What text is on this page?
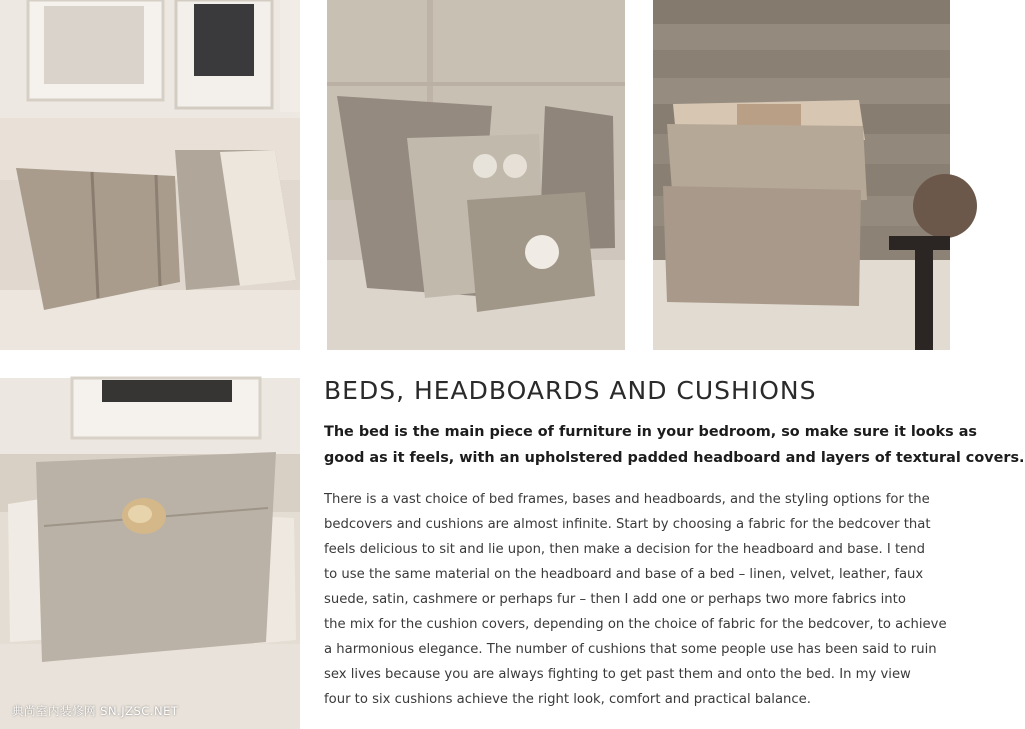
BEDS, HEADBOARDS AND CUSHIONS
The bed is the main piece of furniture in your bedroom, so make sure it looks as
good as it feels, with an upholstered padded headboard and layers of textural covers.

There is a vast choice of bed frames, bases and headboards, and the styling options for the

bedcovers and cushions are almost infinite. Start by choosing a fabric for the bedcover that

feels delicious to sit and lie upon, then make a decision for the headboard and base. I tend

to use the same material on the headboard and base of a bed – linen, velvet, leather, faux

suede, satin, cashmere or perhaps fur – then I add one or perhaps two more fabrics into

the mix for the cushion covers, depending on the choice of fabric for the bedcover, to achieve

a harmonious elegance. The number of cushions that some people use has been said to ruin

sex lives because you are always fighting to get past them and onto the bed. In my view

four to six cushions achieve the right look, comfort and practical balance.

典尚室内装修网 SN.JZSC.NET
